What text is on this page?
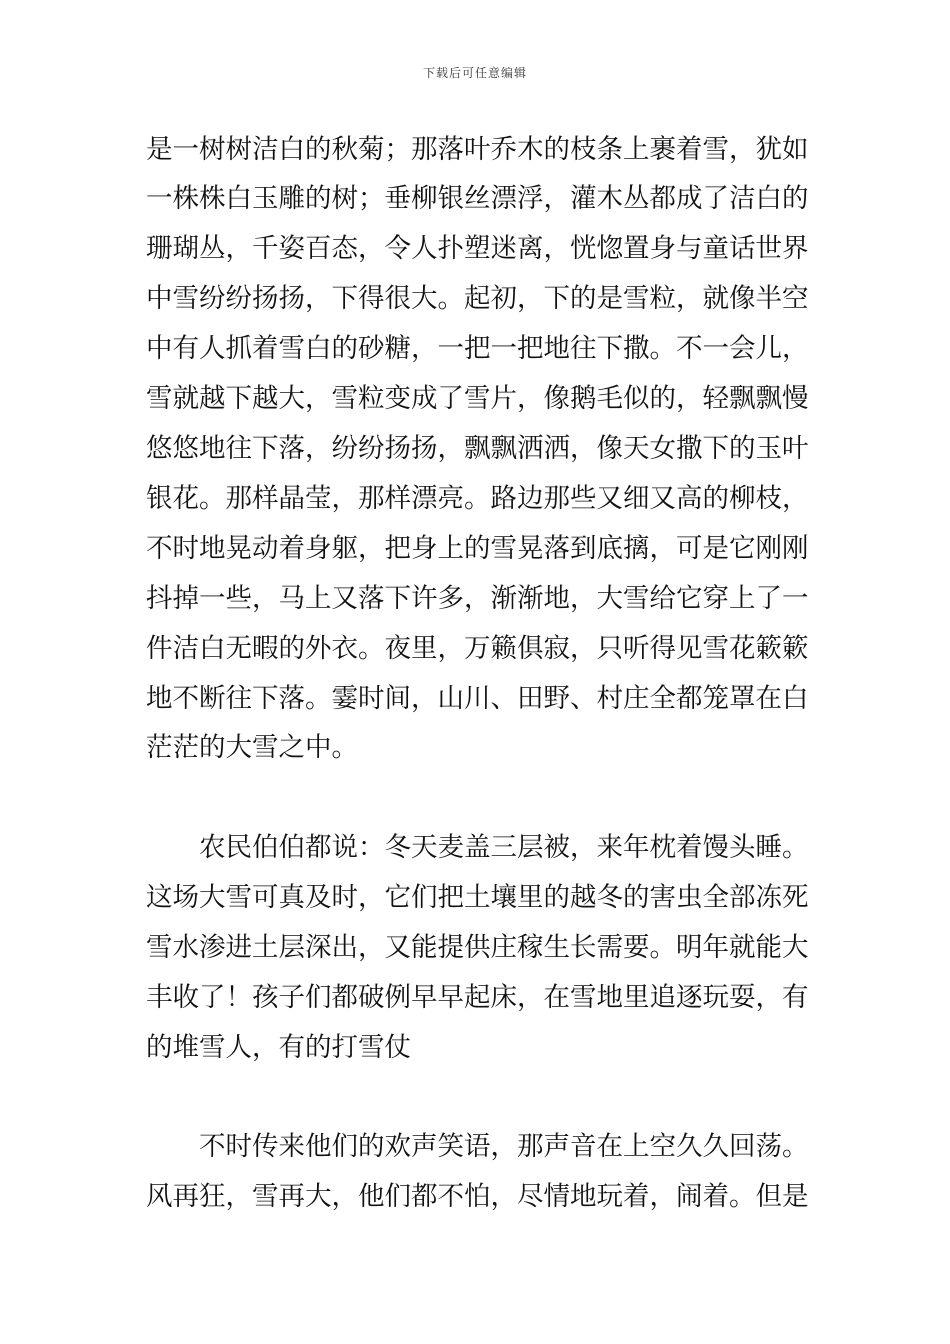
下载后可任意编辑
是一树树洁白的秋菊；那落叶乔木的枝条上裹着雪，犹如
一株株白玉雕的树；垂柳银丝漂浮，灌木丛都成了洁白的
珊瑚丛，千姿百态，令人扑塑迷离，恍惚置身与童话世界
中雪纷纷扬扬，下得很大。起初，下的是雪粒，就像半空
中有人抓着雪白的砂糖，一把一把地往下撒。不一会儿，
雪就越下越大，雪粒变成了雪片，像鹅毛似的，轻飘飘慢
悠悠地往下落，纷纷扬扬，飘飘洒洒，像天女撒下的玉叶
银花。那样晶莹，那样漂亮。路边那些又细又高的柳枝，
不时地晃动着身躯，把身上的雪晃落到底摛，可是它刚刚
抖掉一些，马上又落下许多，渐渐地，大雪给它穿上了一
件洁白无暇的外衣。夜里，万籁俱寂，只听得见雪花簌簌
地不断往下落。霎时间，山川、田野、村庄全都笼罩在白
茫茫的大雪之中。
　　农民伯伯都说：冬天麦盖三层被，来年枕着馒头睡。
这场大雪可真及时，它们把土壤里的越冬的害虫全部冻死
雪水渗进土层深出，又能提供庄稼生长需要。明年就能大
丰收了！孩子们都破例早早起床，在雪地里追逐玩耍，有
的堆雪人，有的打雪仗
　　不时传来他们的欢声笑语，那声音在上空久久回荡。
风再狂，雪再大，他们都不怕，尽情地玩着，闹着。但是
